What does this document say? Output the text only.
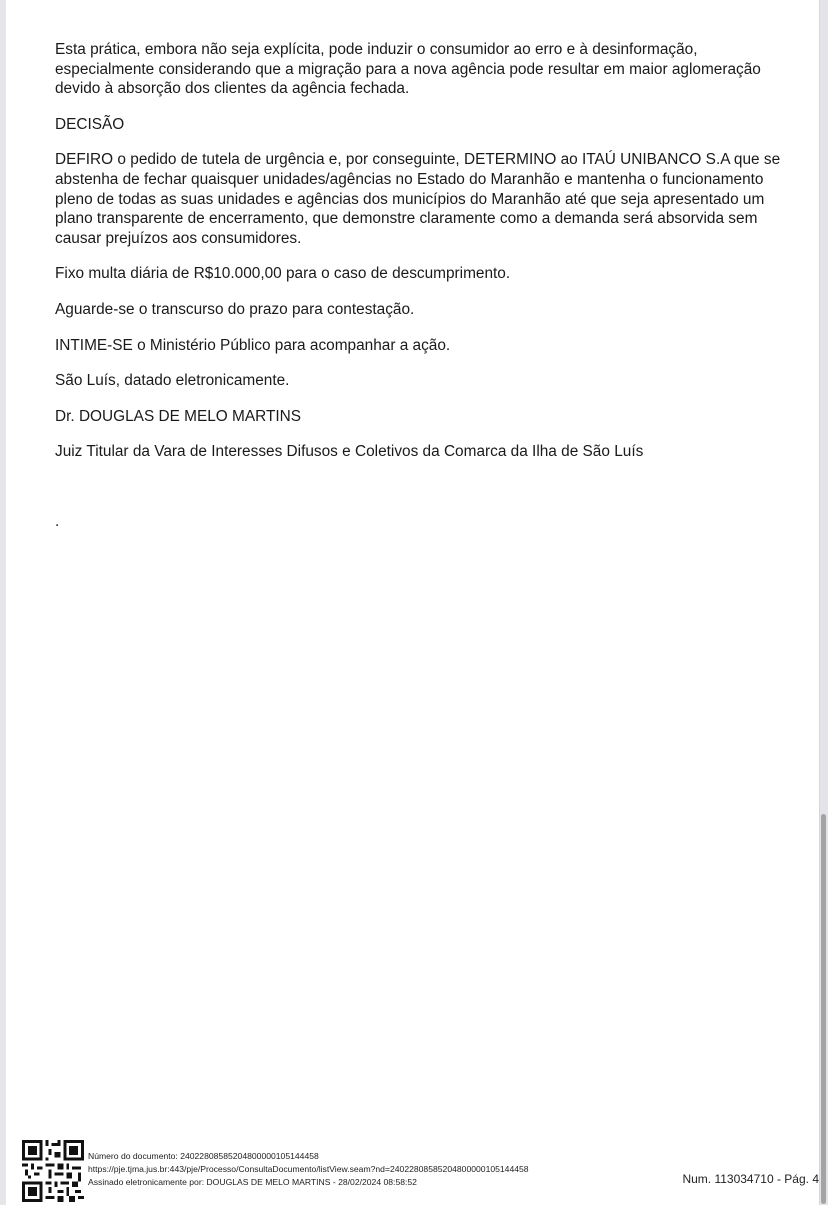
Esta prática, embora não seja explícita, pode induzir o consumidor ao erro e à desinformação, especialmente considerando que a migração para a nova agência pode resultar em maior aglomeração devido à absorção dos clientes da agência fechada.

DECISÃO

DEFIRO o pedido de tutela de urgência e, por conseguinte, DETERMINO ao ITAÚ UNIBANCO S.A que se abstenha de fechar quaisquer unidades/agências no Estado do Maranhão e mantenha o funcionamento pleno de todas as suas unidades e agências dos municípios do Maranhão até que seja apresentado um plano transparente de encerramento, que demonstre claramente como a demanda será absorvida sem causar prejuízos aos consumidores.

Fixo multa diária de R$10.000,00 para o caso de descumprimento.

Aguarde-se o transcurso do prazo para contestação.

INTIME-SE o Ministério Público para acompanhar a ação.

São Luís, datado eletronicamente.

Dr. DOUGLAS DE MELO MARTINS

Juiz Titular da Vara de Interesses Difusos e Coletivos da Comarca da Ilha de São Luís

.

Número do documento: 24022808585204800000105144458
https://pje.tjma.jus.br:443/pje/Processo/ConsultaDocumento/listView.seam?nd=24022808585204800000105144458
Assinado eletronicamente por: DOUGLAS DE MELO MARTINS - 28/02/2024 08:58:52	Num. 113034710 - Pág. 4
